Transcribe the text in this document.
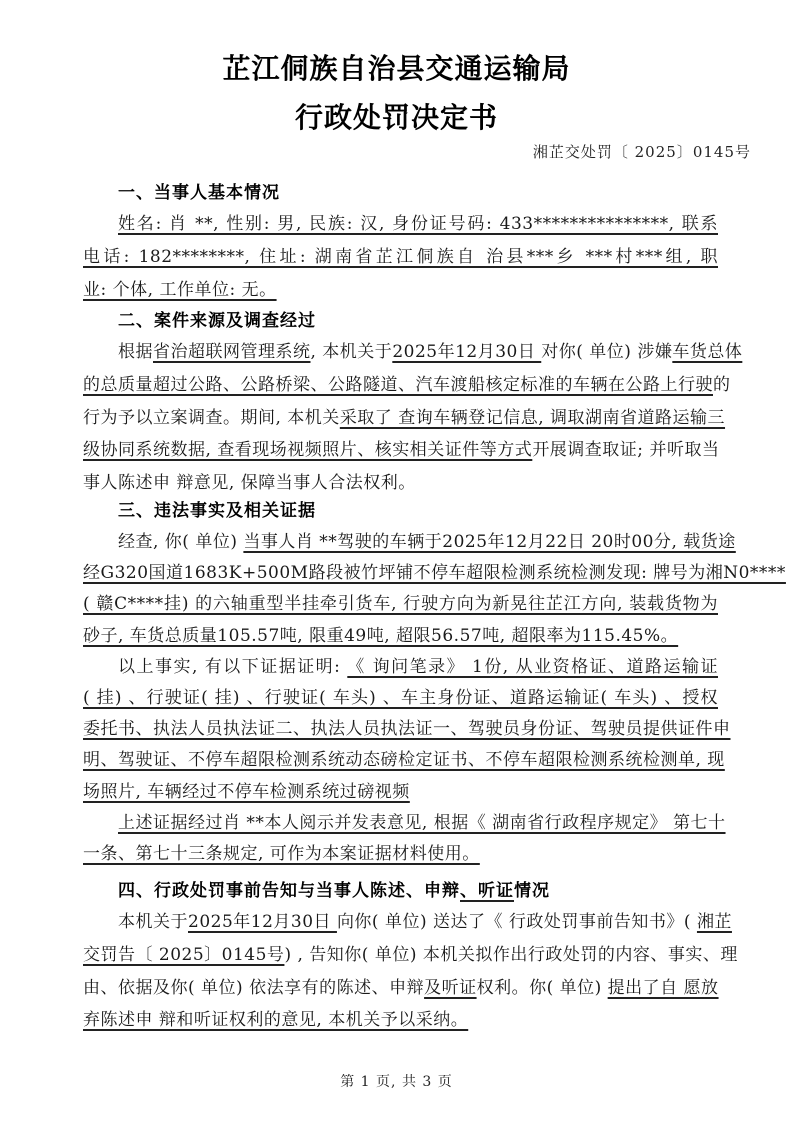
芷江侗族自治县交通运输局
行政处罚决定书
湘芷交处罚〔 2025〕0145号
一、当事人基本情况
姓名: 肖 **, 性别: 男, 民族: 汉, 身份证号码: 433***************, 联系
电话: 182********, 住址: 湖南省芷江侗族自 治县***乡 ***村***组, 职
业: 个体, 工作单位: 无。
二、案件来源及调查经过
根据省治超联网管理系统, 本机关于2025年12月30日 对你( 单位) 涉嫌车货总体
的总质量超过公路、公路桥梁、公路隧道、汽车渡船核定标准的车辆在公路上行驶的
行为予以立案调查。期间, 本机关采取了 查询车辆登记信息, 调取湖南省道路运输三
级协同系统数据, 查看现场视频照片、核实相关证件等方式开展调查取证; 并听取当
事人陈述申 辩意见, 保障当事人合法权利。
三、违法事实及相关证据
经查, 你( 单位) 当事人肖 **驾驶的车辆于2025年12月22日 20时00分, 载货途
经G320国道1683K+500M路段被竹坪铺不停车超限检测系统检测发现: 牌号为湘N0****
( 赣C****挂) 的六轴重型半挂牵引货车, 行驶方向为新晃往芷江方向, 装载货物为
砂子, 车货总质量105.57吨, 限重49吨, 超限56.57吨, 超限率为115.45%。
以上事实, 有以下证据证明: 《 询问笔录》 1份, 从业资格证、道路运输证
( 挂) 、行驶证( 挂) 、行驶证( 车头) 、车主身份证、道路运输证( 车头) 、授权
委托书、执法人员执法证二、执法人员执法证一、驾驶员身份证、驾驶员提供证件申
明、驾驶证、不停车超限检测系统动态磅检定证书、不停车超限检测系统检测单, 现
场照片, 车辆经过不停车检测系统过磅视频
上述证据经过肖 **本人阅示并发表意见, 根据《 湖南省行政程序规定》 第七十
一条、第七十三条规定, 可作为本案证据材料使用。
四、行政处罚事前告知与当事人陈述、申辩、听证情况
本机关于2025年12月30日 向你( 单位) 送达了《 行政处罚事前告知书》( 湘芷
交罚告〔 2025〕0145号) , 告知你( 单位) 本机关拟作出行政处罚的内容、事实、理
由、依据及你( 单位) 依法享有的陈述、申辩及听证权利。你( 单位) 提出了自 愿放
弃陈述申 辩和听证权利的意见, 本机关予以采纳。
第 1 页, 共 3 页
